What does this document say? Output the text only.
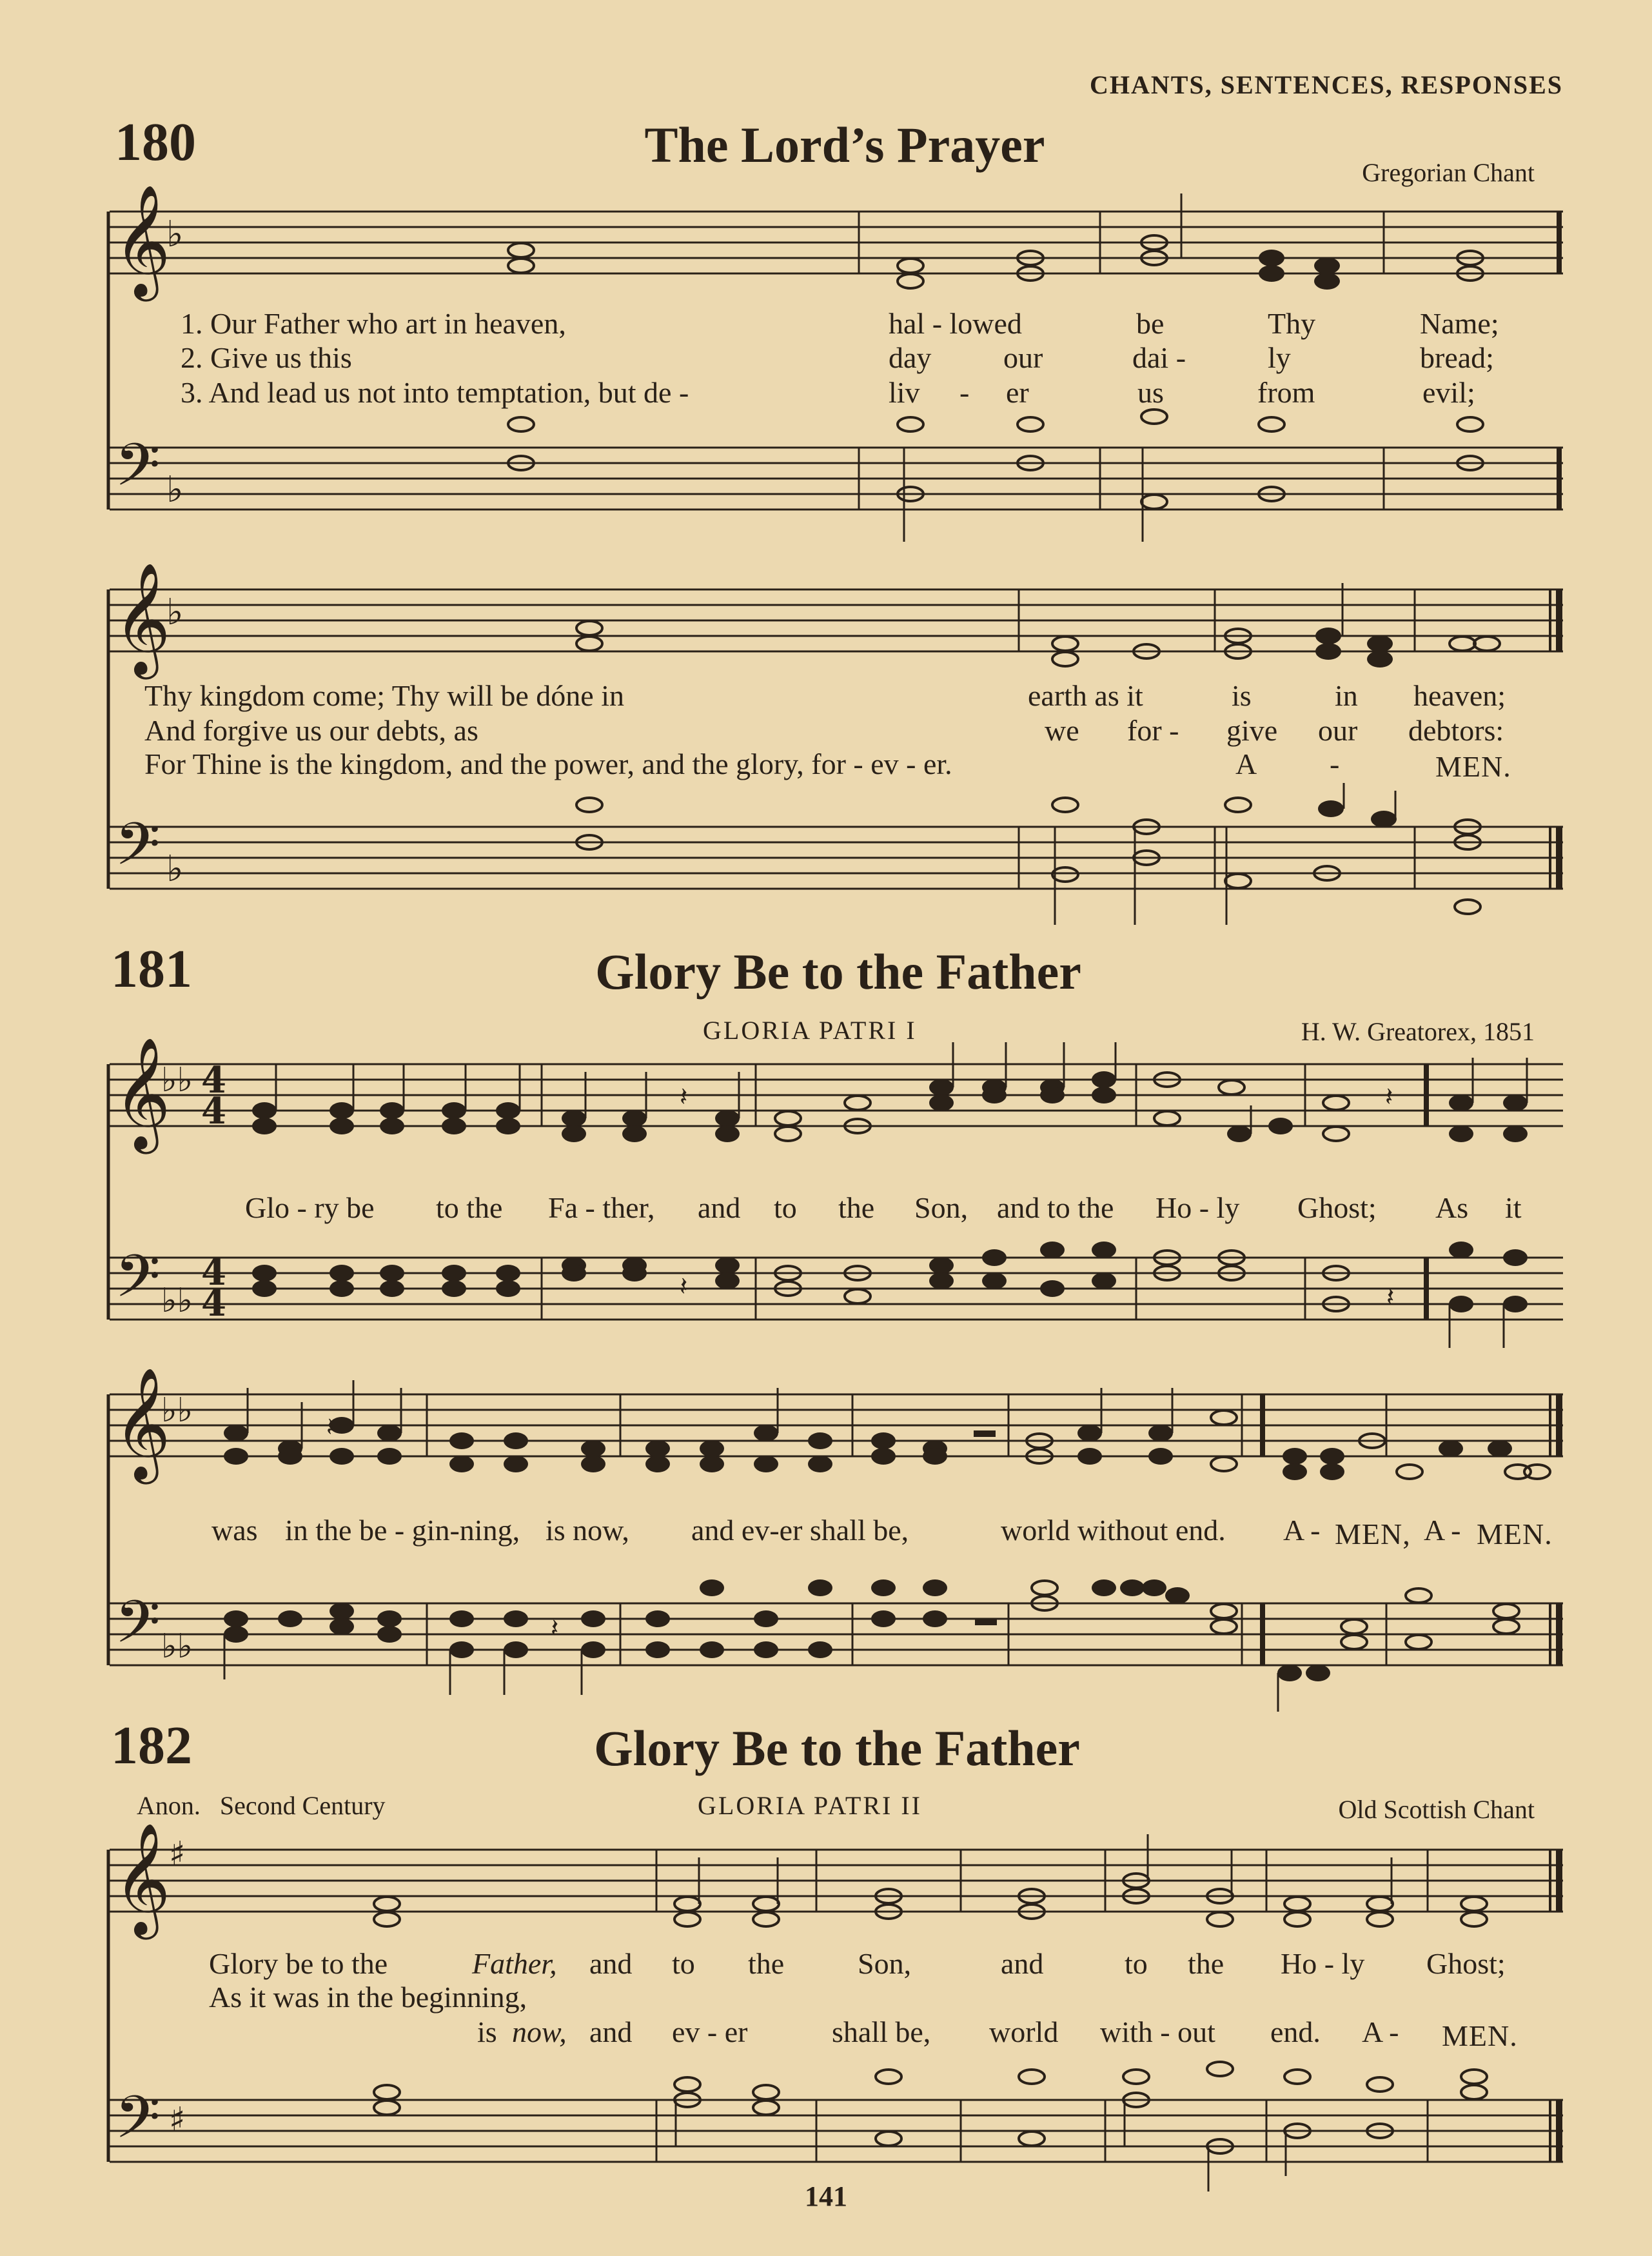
CHANTS, SENTENCES, RESPONSES
180	The Lord’s Prayer	Gregorian Chant
𝄞
𝄢
♭
♭
1. Our Father who art in heaven,	hal - lowed	be	Thy	Name;
2. Give us this	day our	dai -	ly	bread;
3. And lead us not into temptation, but de -	liv - er	us	from	evil;
𝄞
𝄢
♭
♭
Thy kingdom come; Thy will be dóne in	earth as it	is	in heaven;
And forgive us our debts, as	we for - give our debtors:
For Thine is the kingdom, and the power, and the glory, for - ev - er.	A -	MEN.
181	Glory Be to the Father
GLORIA PATRI I	H. W. Greatorex, 1851
𝄞
𝄢
♭♭
♭♭
4
4
4
4
𝄽
𝄽
𝄽
𝄽
Glo - ry be to the Fa - ther, and to the Son, and to the Ho - ly Ghost; As it
𝄞
𝄢
♭♭
♭♭
𝄽
𝄽
was in the be - gin-ning, is now, and ev-er shall be,	world without end. A - MEN, A - MEN.
182	Glory Be to the Father
Anon.   Second Century	GLORIA PATRI II	Old Scottish Chant
𝄞
𝄢
♯
♯
Glory be to the	Father, and to the Son,	and	to the Ho - ly Ghost;
As it was in the beginning,
is now, and ev - er	shall be, world with - out end. A - MEN.
141
